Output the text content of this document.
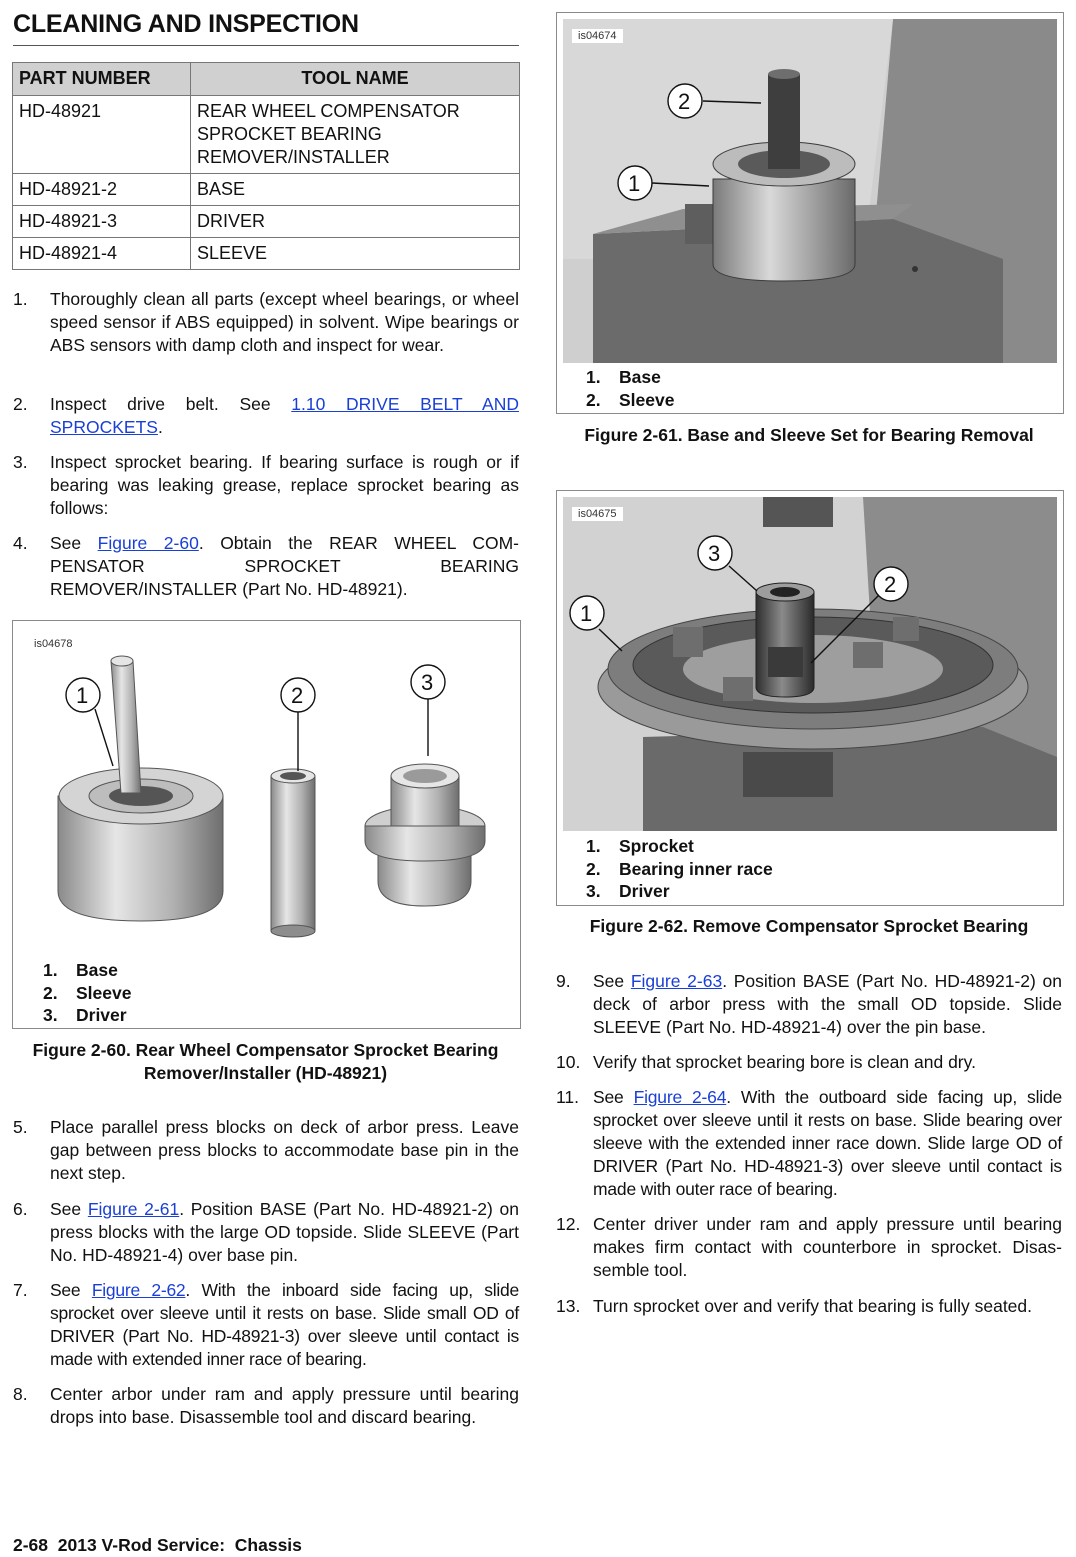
CLEANING AND INSPECTION
PART NUMBER	TOOL NAME
HD-48921	REAR WHEEL COMPENSATOR SPROCKET BEARING REMOVER/INSTALLER
HD-48921-2	BASE
HD-48921-3	DRIVER
HD-48921-4	SLEEVE
1. Thoroughly clean all parts (except wheel bearings, or wheel speed sensor if ABS equipped) in solvent. Wipe bearings or ABS sensors with damp cloth and inspect for wear.
2. Inspect drive belt. See 1.10 DRIVE BELT AND SPROCKETS.
3. Inspect sprocket bearing. If bearing surface is rough or if bearing was leaking grease, replace sprocket bearing as follows:
4. See Figure 2-60. Obtain the REAR WHEEL COM-PENSATOR SPROCKET BEARING REMOVER/INSTALLER (Part No. HD-48921).
is04678
1	2
3
1. Base
2. Sleeve
3. Driver
Figure 2-60. Rear Wheel Compensator Sprocket Bearing Remover/Installer (HD-48921)
5. Place parallel press blocks on deck of arbor press. Leave gap between press blocks to accommodate base pin in the next step.
6. See Figure 2-61. Position BASE (Part No. HD-48921-2) on press blocks with the large OD topside. Slide SLEEVE (Part No. HD-48921-4) over base pin.
7. See Figure 2-62. With the inboard side facing up, slide sprocket over sleeve until it rests on base. Slide small OD of DRIVER (Part No. HD-48921-3) over sleeve until contact is made with extended inner race of bearing.
8. Center arbor under ram and apply pressure until bearing drops into base. Disassemble tool and discard bearing.
is04674
2
1
1. Base
2. Sleeve
Figure 2-61. Base and Sleeve Set for Bearing Removal
is04675
3
2
1
1. Sprocket
2. Bearing inner race
3. Driver
Figure 2-62. Remove Compensator Sprocket Bearing
9. See Figure 2-63. Position BASE (Part No. HD-48921-2) on deck of arbor press with the small OD topside. Slide SLEEVE (Part No. HD-48921-4) over the pin base.
10. Verify that sprocket bearing bore is clean and dry.
11. See Figure 2-64. With the outboard side facing up, slide sprocket over sleeve until it rests on base. Slide bearing over sleeve with the extended inner race down. Slide large OD of DRIVER (Part No. HD-48921-3) over sleeve until contact is made with outer race of bearing.
12. Center driver under ram and apply pressure until bearing makes firm contact with counterbore in sprocket. Disas-semble tool.
13. Turn sprocket over and verify that bearing is fully seated.
2-68  2013 V-Rod Service:  Chassis
